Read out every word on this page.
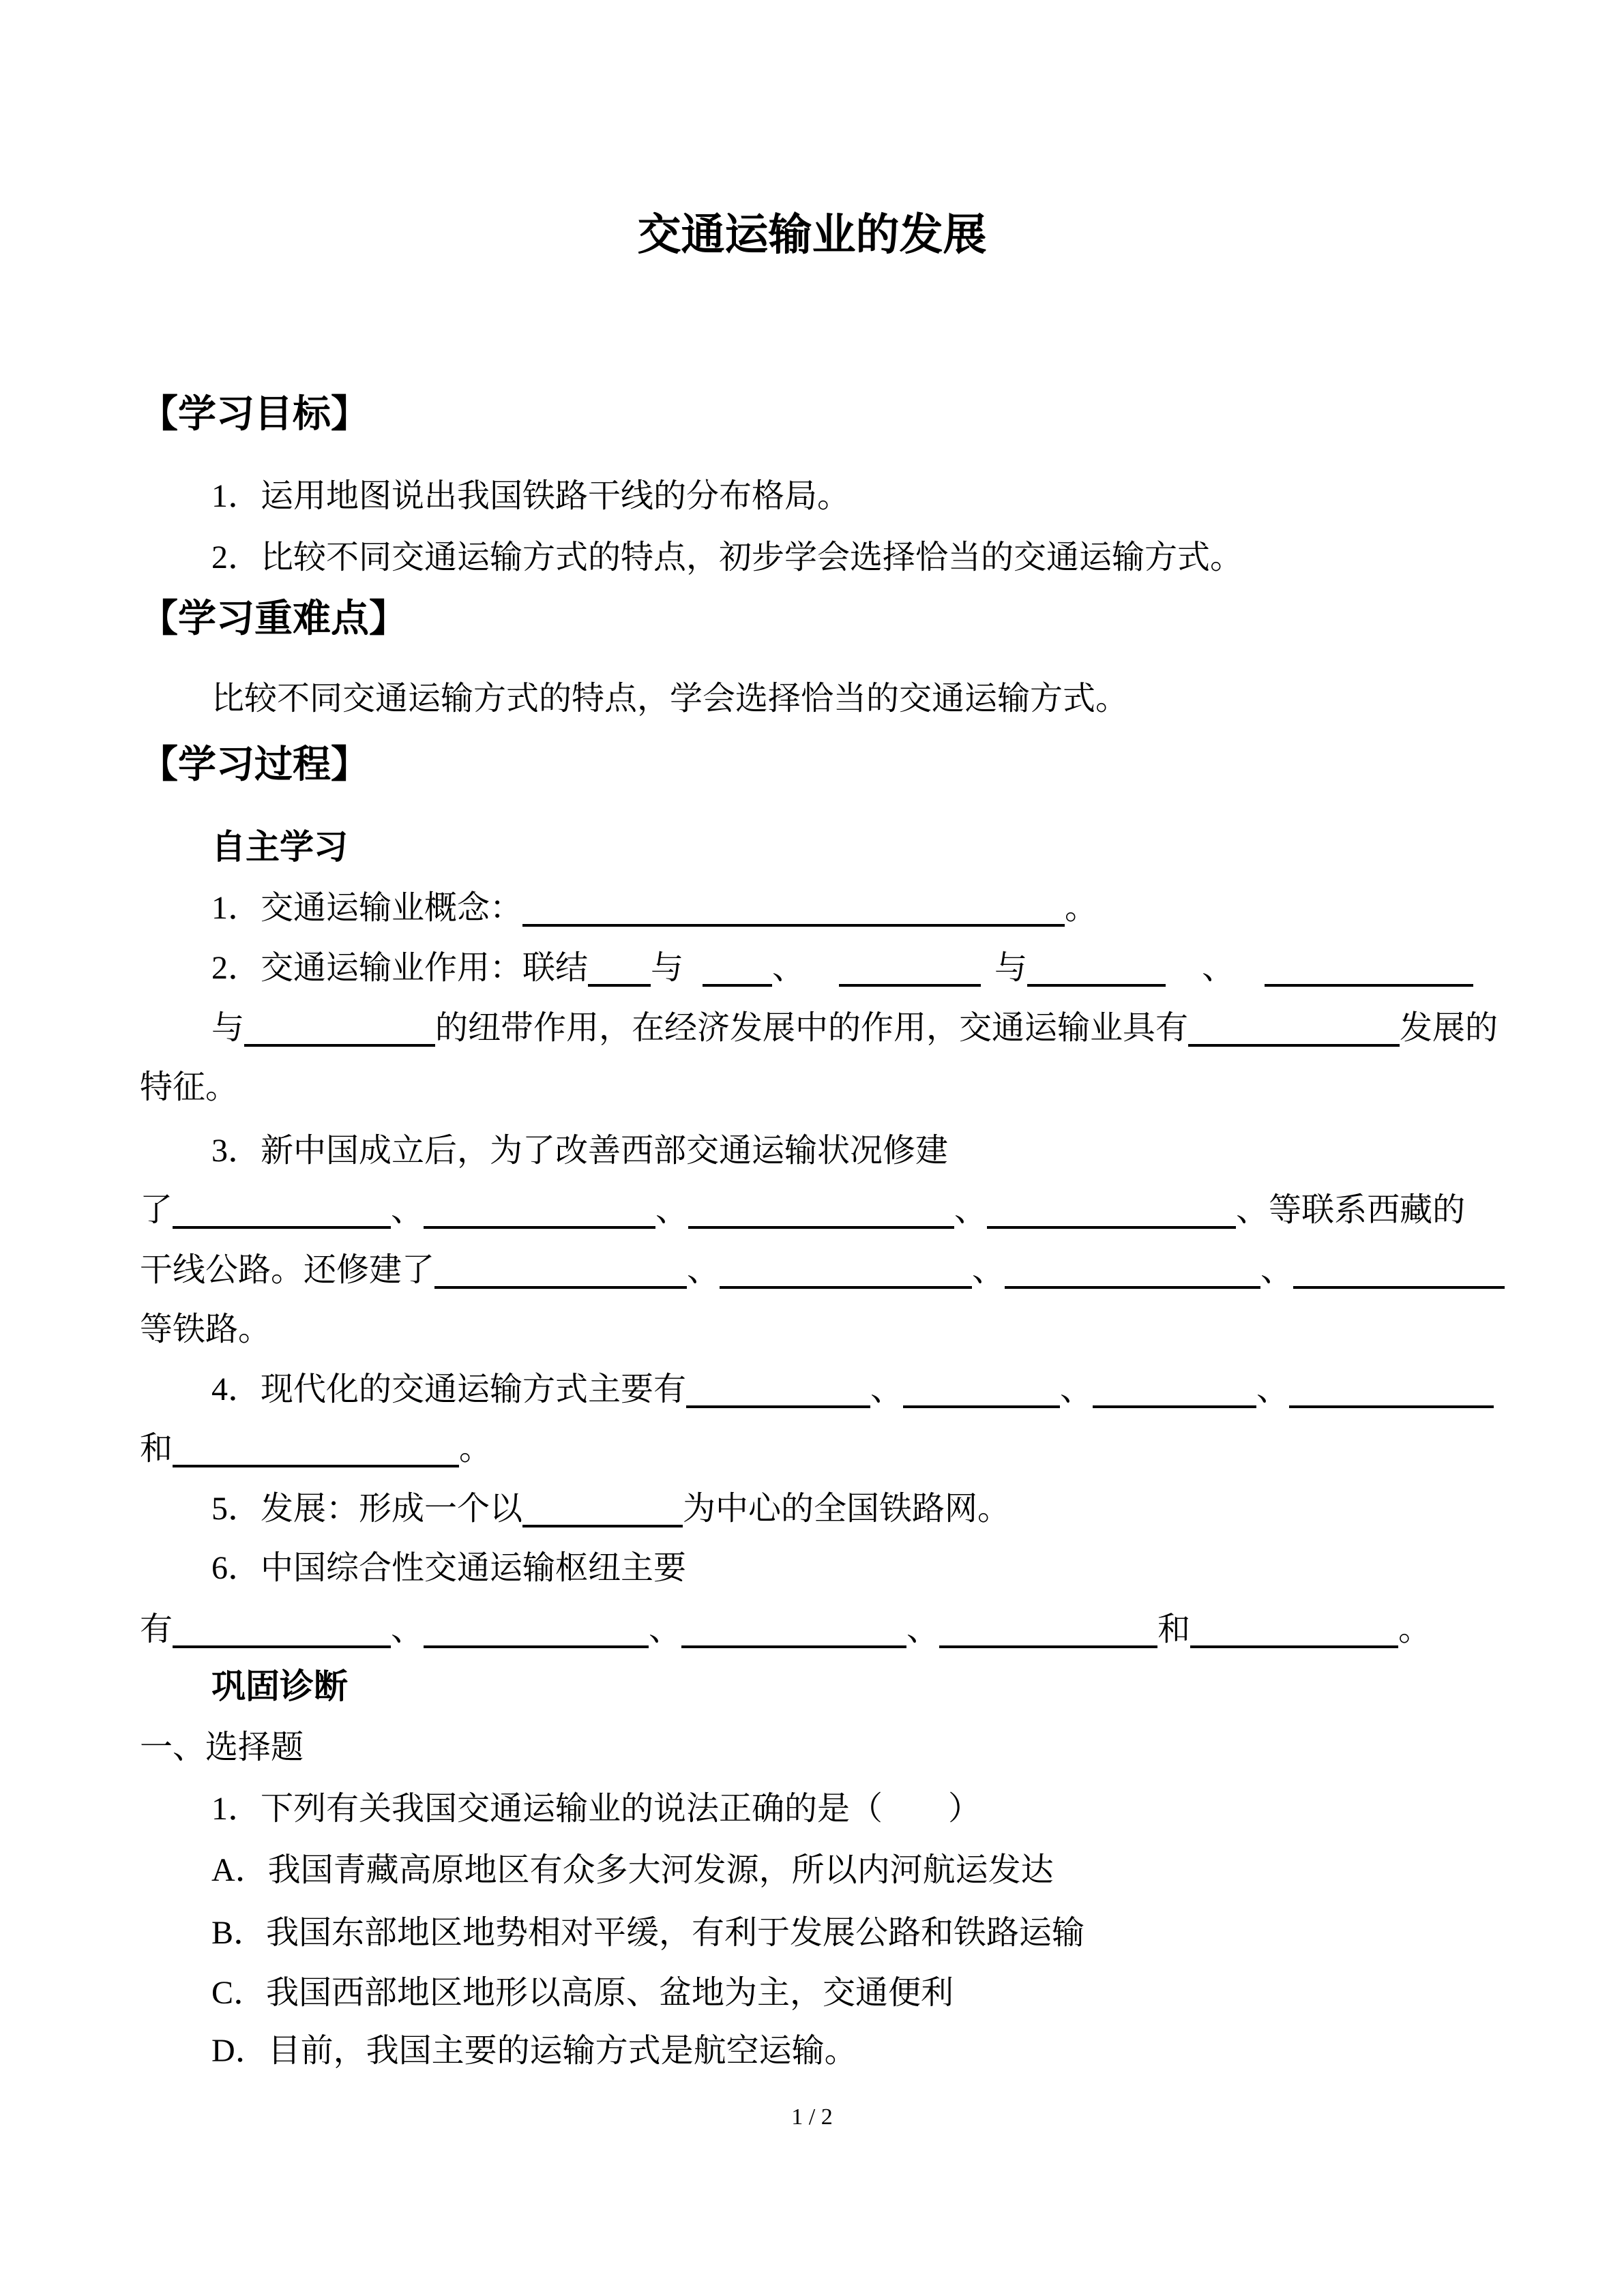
交通运输业的发展
【学习目标】
1．运用地图说出我国铁路干线的分布格局。
2．比较不同交通运输方式的特点，初步学会选择恰当的交通运输方式。
【学习重难点】
比较不同交通运输方式的特点，学会选择恰当的交通运输方式。
【学习过程】
自主学习
1．交通运输业概念：	。
2．交通运输业作用：联结 与	、	与	、
与	的纽带作用，在经济发展中的作用，交通运输业具有	发展的
特征。
3．新中国成立后，为了改善西部交通运输状况修建
了	、	、	、	、等联系西藏的
干线公路。还修建了	、	、	、
等铁路。
4．现代化的交通运输方式主要有	、	、	、
和	。
5．发展：形成一个以	为中心的全国铁路网。
6．中国综合性交通运输枢纽主要
有	、	、	、	和	。
巩固诊断
一、选择题
1．下列有关我国交通运输业的说法正确的是（　　）
A．我国青藏高原地区有众多大河发源，所以内河航运发达
B．我国东部地区地势相对平缓，有利于发展公路和铁路运输
C．我国西部地区地形以高原、盆地为主，交通便利
D．目前，我国主要的运输方式是航空运输。
1 / 2
